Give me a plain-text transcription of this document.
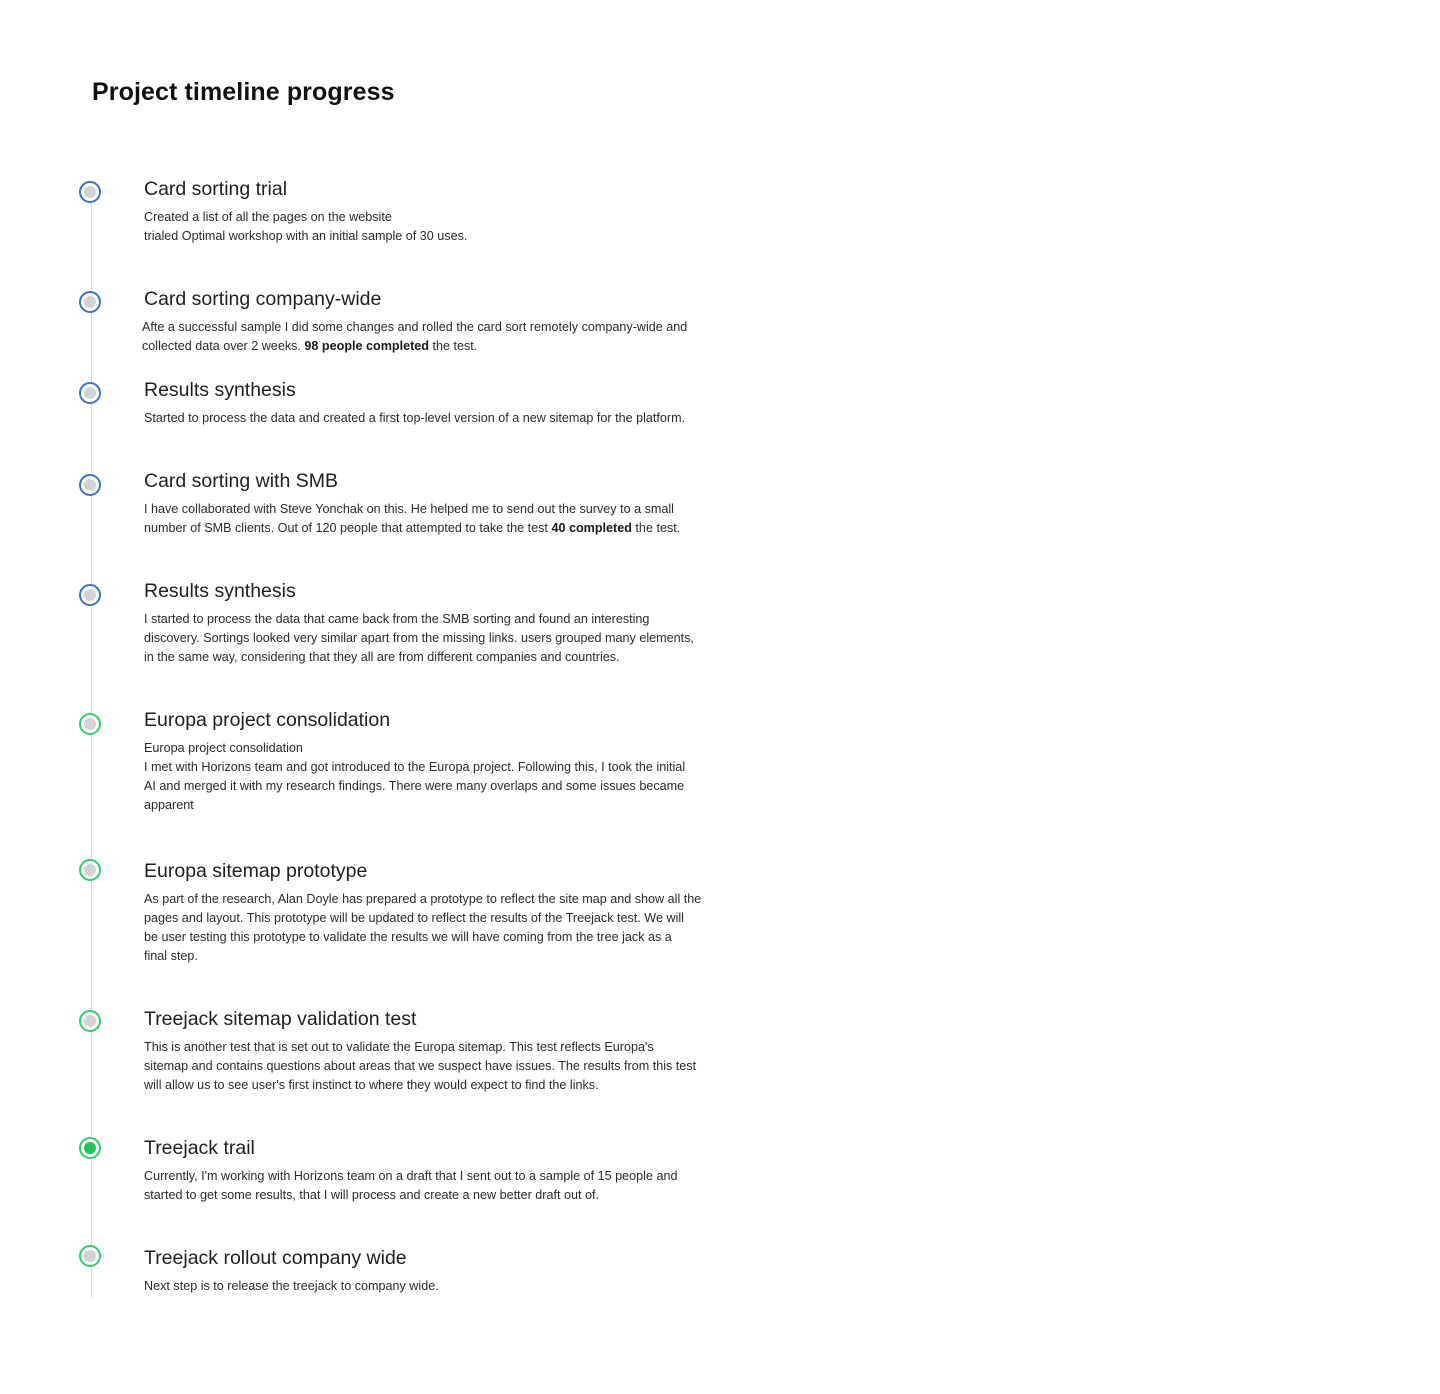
Project timeline progress
Card sorting trial

Created a list of all the pages on the website
trialed Optimal workshop with an initial sample of 30 uses.

Card sorting company-wide

Afte a successful sample I did some changes and rolled the card sort remotely company-wide and
collected data over 2 weeks. 98 people completed the test.

Results synthesis

Started to process the data and created a first top-level version of a new sitemap for the platform.

Card sorting with SMB

I have collaborated with Steve Yonchak on this. He helped me to send out the survey to a small
number of SMB clients. Out of 120 people that attempted to take the test 40 completed the test.

Results synthesis

I started to process the data that came back from the SMB sorting and found an interesting
discovery. Sortings looked very similar apart from the missing links. users grouped many elements,
in the same way, considering that they all are from different companies and countries.

Europa project consolidation

Europa project consolidation
I met with Horizons team and got introduced to the Europa project. Following this, I took the initial
AI and merged it with my research findings. There were many overlaps and some issues became
apparent

Europa sitemap prototype

As part of the research, Alan Doyle has prepared a prototype to reflect the site map and show all the
pages and layout. This prototype will be updated to reflect the results of the Treejack test. We will
be user testing this prototype to validate the results we will have coming from the tree jack as a
final step.

Treejack sitemap validation test

This is another test that is set out to validate the Europa sitemap. This test reflects Europa's
sitemap and contains questions about areas that we suspect have issues. The results from this test
will allow us to see user's first instinct to where they would expect to find the links.

Treejack trail

Currently, I'm working with Horizons team on a draft that I sent out to a sample of 15 people and
started to get some results, that I will process and create a new better draft out of.

Treejack rollout company wide

Next step is to release the treejack to company wide.
